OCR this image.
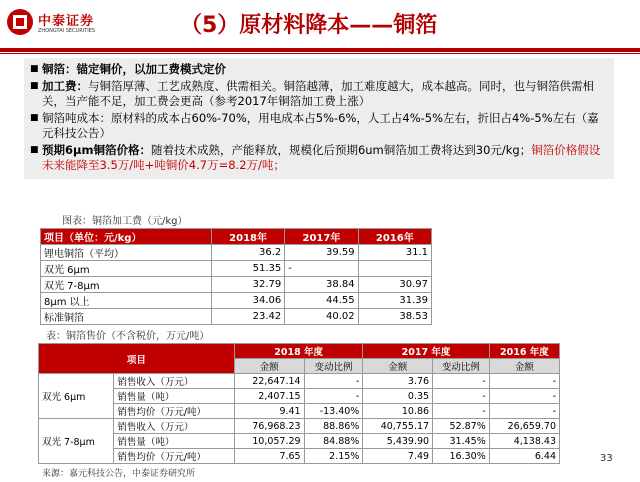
中泰证券
ZHONGTAI SECURITIES	（5）原材料降本——铜箔
■ 铜箔：锚定铜价，以加工费模式定价
■ 加工费：与铜箔厚薄、工艺成熟度、供需相关。铜箔越薄，加工难度越大，成本越高。同时，也与铜箔供需相关，当产能不足，加工费会更高（参考2017年铜箔加工费上涨）
■ 铜箔吨成本：原材料的成本占60%-70%，用电成本占5%-6%，人工占4%-5%左右，折旧占4%-5%左右（嘉元科技公告）
■ 预期6μm铜箔价格：随着技术成熟，产能释放，规模化后预期6um铜箔加工费将达到30元/kg；铜箔价格假设未来能降至3.5万/吨+吨铜价4.7万=8.2万/吨；
图表：铜箔加工费（元/kg）
项目（单位：元/kg）	2018年	2017年	2016年
锂电铜箔（平均）	36.2	39.59	31.1
双光 6μm	51.35	-	
双光 7-8μm	32.79	38.84	30.97
8μm 以上	34.06	44.55	31.39
标准铜箔	23.42	40.02	38.53
表：铜箔售价（不含税价，万元/吨）
项目		2018 年度		2017 年度		2016 年度
		金额	变动比例	金额	变动比例	金额
双光 6μm	销售收入（万元）	22,647.14	-	3.76	-	-
	销售量（吨）	2,407.15	-	0.35	-	-
	销售均价（万元/吨）	9.41	-13.40%	10.86	-	-
双光 7-8μm	销售收入（万元）	76,968.23	88.86%	40,755.17	52.87%	26,659.70
	销售量（吨）	10,057.29	84.88%	5,439.90	31.45%	4,138.43
	销售均价（万元/吨）	7.65	2.15%	7.49	16.30%	6.44
来源：嘉元科技公告，中泰证券研究所
33
